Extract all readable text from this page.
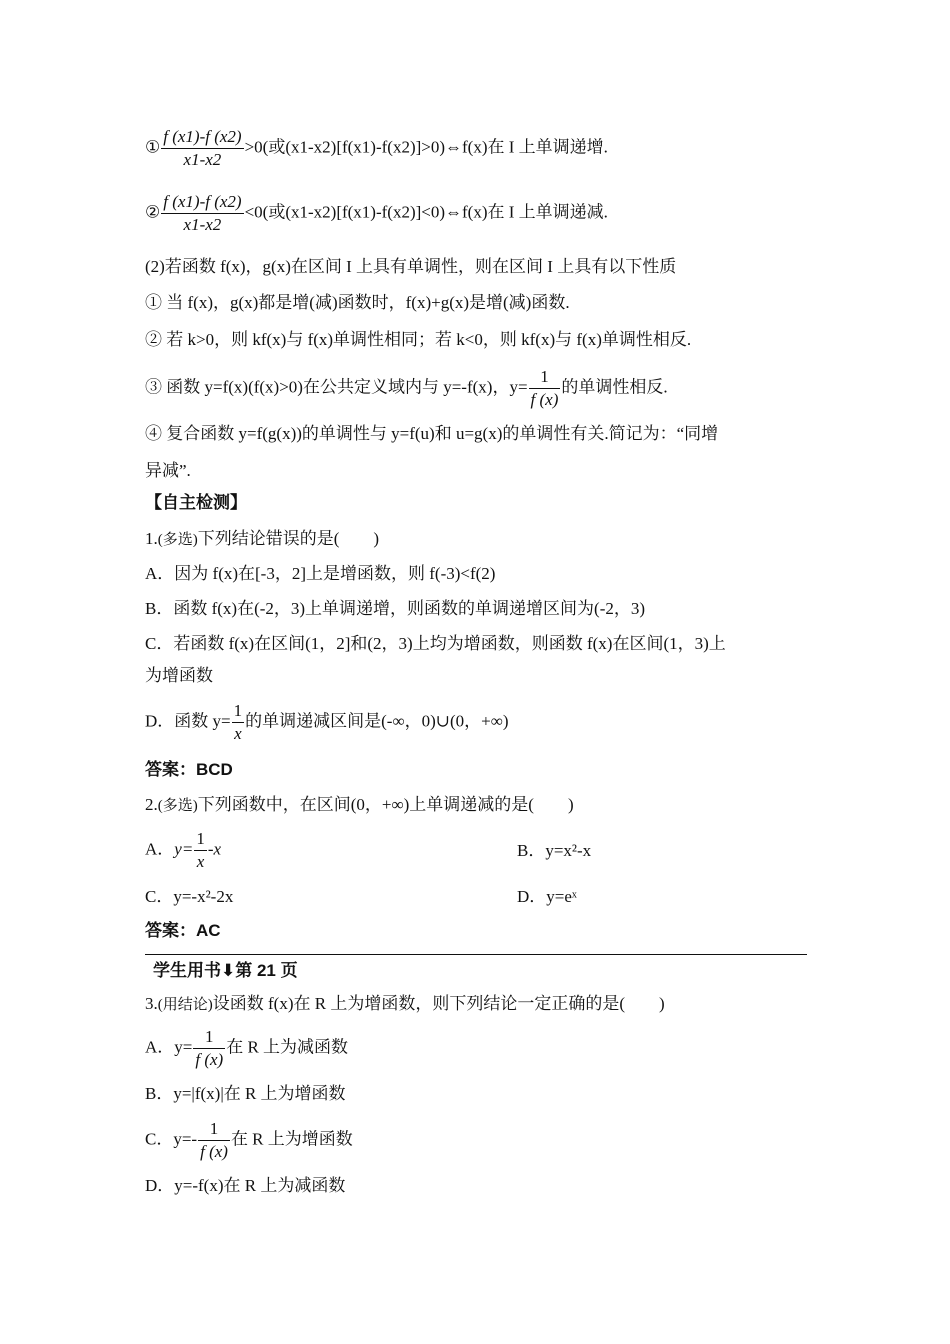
① $\frac{f (x1)-f (x2)}{x1-x2} >0$(或(x1-x2)[f(x1)-f(x2)]>0)⇔f(x)在 I 上单调递增.
② $\frac{f (x1)-f (x2)}{x1-x2} <0$(或(x1-x2)[f(x1)-f(x2)]<0)⇔f(x)在 I 上单调递减.
(2)若函数 f(x)，g(x)在区间 I 上具有单调性，则在区间 I 上具有以下性质
① 当 f(x)，g(x)都是增(减)函数时，f(x)+g(x)是增(减)函数.
② 若 k>0，则 kf(x)与 f(x)单调性相同；若 k<0，则 kf(x)与 f(x)单调性相反.
③ 函数 y=f(x)(f(x)>0)在公共定义域内与 y=-f(x)，$y= \frac{1}{f (x)}$ 的单调性相反.
④ 复合函数 y=f(g(x))的单调性与 y=f(u)和 u=g(x)的单调性有关.简记为：“同增
异减”.
【自主检测】
1.(多选)下列结论错误的是(　　)
A．因为 f(x)在[-3，2]上是增函数，则 f(-3)<f(2)
B．函数 f(x)在(-2，3)上单调递增，则函数的单调递增区间为(-2，3)
C．若函数 f(x)在区间(1，2]和(2，3)上均为增函数，则函数 f(x)在区间(1，3)上
为增函数
D．函数 $y= \frac{1}{x}$ 的单调递减区间是(-∞，0)∪(0，+∞)
答案：BCD
2.(多选)下列函数中，在区间(0，+∞)上单调递减的是(　　)
A．$y= \frac{1}{x} -x$	B．y=x²-x
C．y=-x²-2x	D．y=eˣ
答案：AC
学生用书⬇第 21 页
3.(用结论)设函数 f(x)在 R 上为增函数，则下列结论一定正确的是(　　)
A．$y= \frac{1}{f (x)}$ 在 R 上为减函数
B．y=|f(x)|在 R 上为增函数
C．$y=- \frac{1}{f (x)}$ 在 R 上为增函数
D．y=-f(x)在 R 上为减函数
